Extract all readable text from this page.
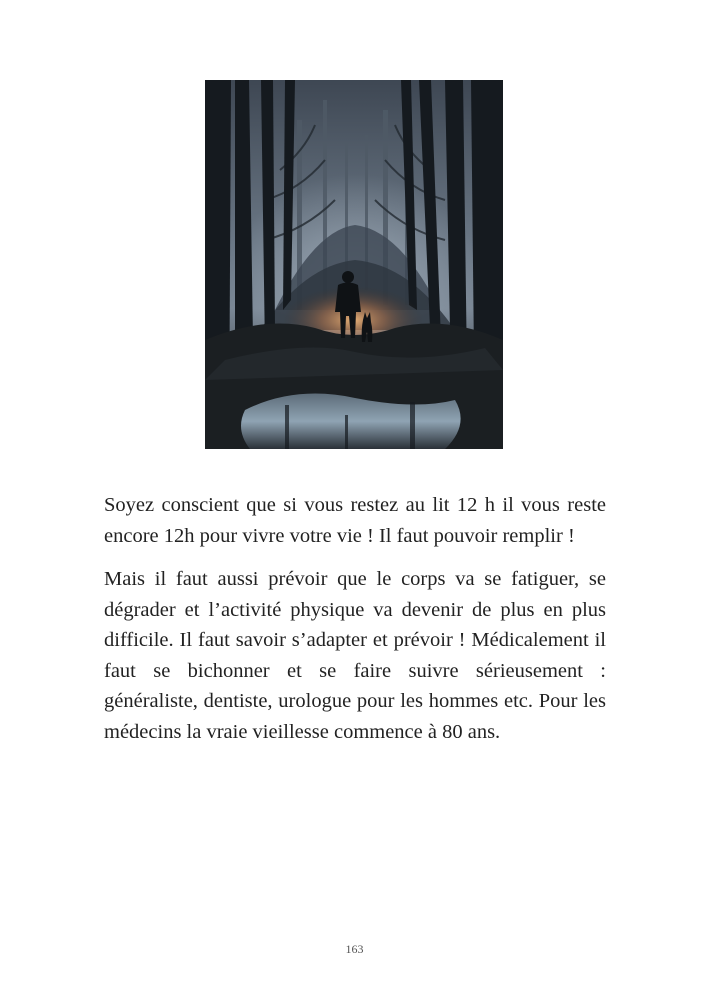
Soyez conscient que si vous restez au lit 12 h il vous reste encore 12h pour vivre votre vie ! Il faut pouvoir remplir !

Mais il faut aussi prévoir que le corps va se fatiguer, se dégrader et l’activité physique va devenir de plus en plus difficile. Il faut savoir s’adapter et prévoir ! Médicalement il faut se bichonner et se faire suivre sérieusement : généraliste, dentiste, urologue pour les hommes etc. Pour les médecins la vraie vieillesse commence à 80 ans.

163
